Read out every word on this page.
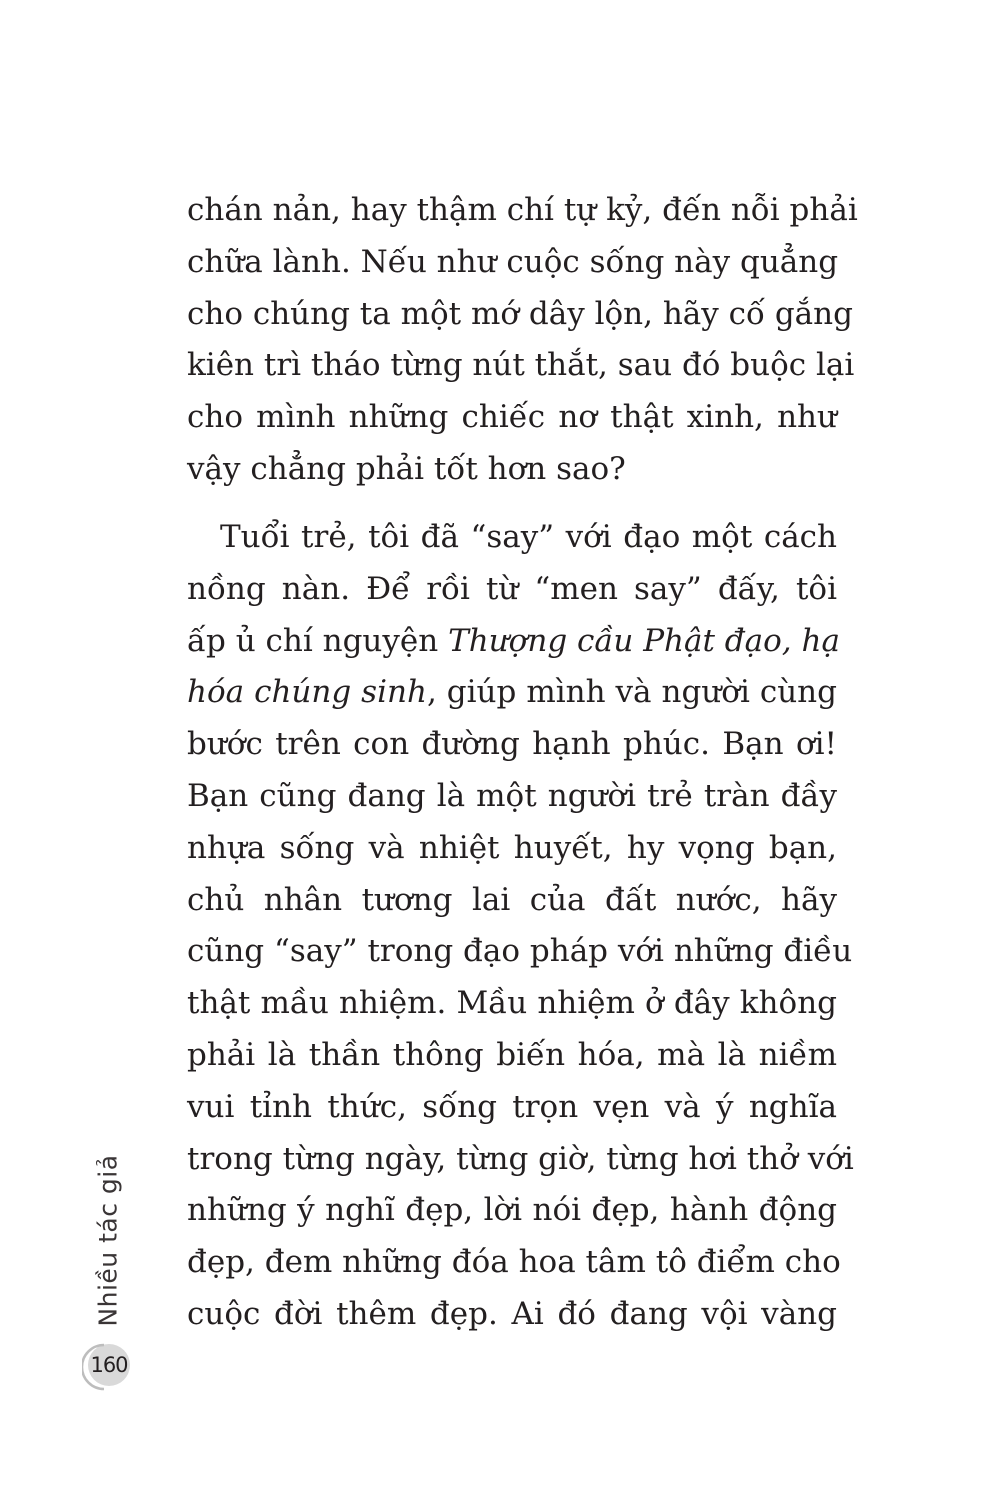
chán nản, hay thậm chí tự kỷ, đến nỗi phải
chữa lành. Nếu như cuộc sống này quẳng
cho chúng ta một mớ dây lộn, hãy cố gắng
kiên trì tháo từng nút thắt, sau đó buộc lại
cho mình những chiếc nơ thật xinh, như
vậy chẳng phải tốt hơn sao?
Tuổi trẻ, tôi đã “say” với đạo một cách
nồng nàn. Để rồi từ “men say” đấy, tôi
ấp ủ chí nguyện Thượng cầu Phật đạo, hạ
hóa chúng sinh, giúp mình và người cùng
bước trên con đường hạnh phúc. Bạn ơi!
Bạn cũng đang là một người trẻ tràn đầy
nhựa sống và nhiệt huyết, hy vọng bạn,
chủ nhân tương lai của đất nước, hãy
cũng “say” trong đạo pháp với những điều
thật mầu nhiệm. Mầu nhiệm ở đây không
phải là thần thông biến hóa, mà là niềm
vui tỉnh thức, sống trọn vẹn và ý nghĩa
trong từng ngày, từng giờ, từng hơi thở với
những ý nghĩ đẹp, lời nói đẹp, hành động
đẹp, đem những đóa hoa tâm tô điểm cho
cuộc đời thêm đẹp. Ai đó đang vội vàng
Nhiều tác giả
160
